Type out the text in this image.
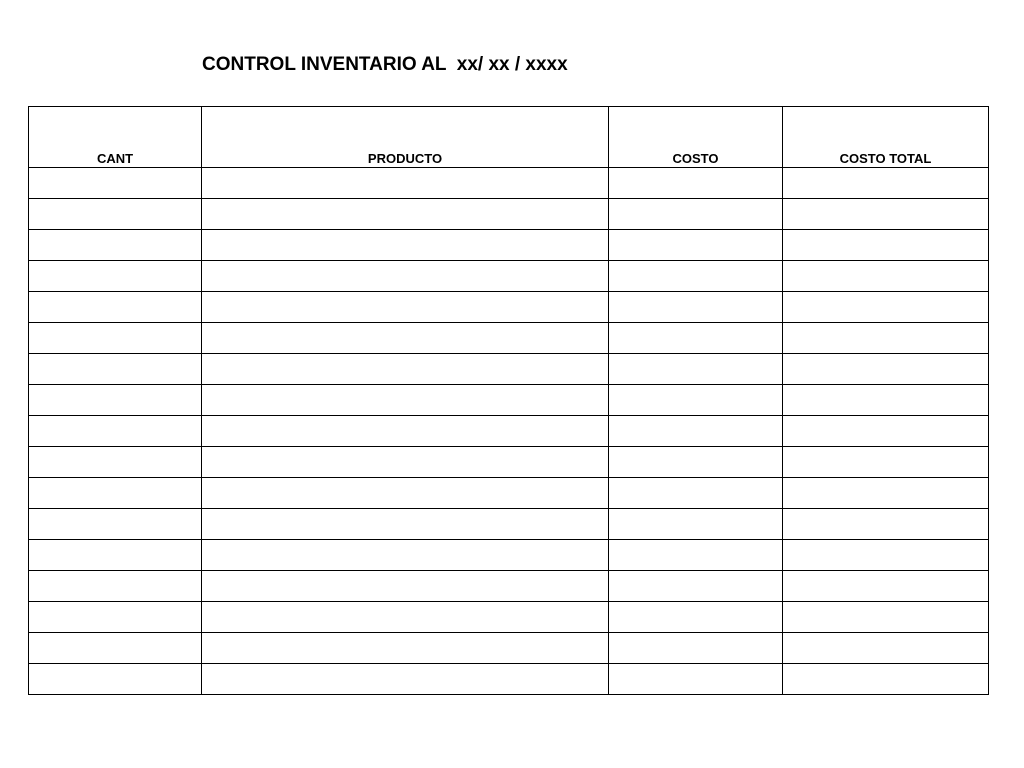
CONTROL INVENTARIO AL  xx/ xx / xxxx
CANT	PRODUCTO	COSTO	COSTO TOTAL
